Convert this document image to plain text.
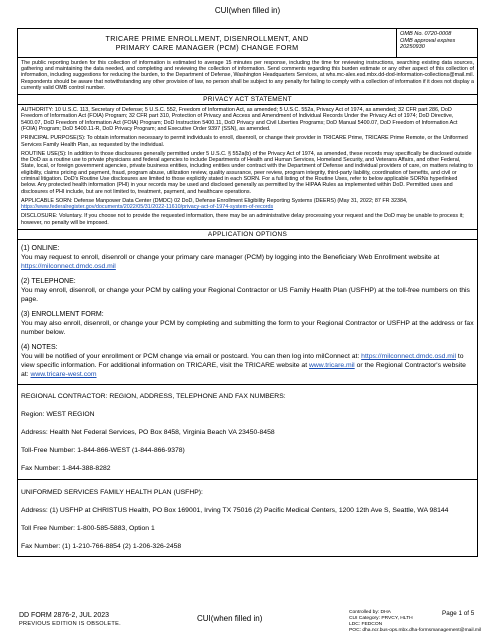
CUI(when filled in)
TRICARE PRIME ENROLLMENT, DISENROLLMENT, AND
PRIMARY CARE MANAGER (PCM) CHANGE FORM
OMB No. 0720-0008
OMB approval expires
20250930
The public reporting burden for this collection of information is estimated to average 15 minutes per response, including the time for reviewing instructions, searching existing data sources, gathering and maintaining the data needed, and completing and reviewing the collection of information. Send comments regarding this burden estimate or any other aspect of this collection of information, including suggestions for reducing the burden, to the Department of Defense, Washington Headquarters Services, at whs.mc-alex.esd.mbx.dd-dod-information-collections@mail.mil. Respondents should be aware that notwithstanding any other provision of law, no person shall be subject to any penalty for failing to comply with a collection of information if it does not display a currently valid OMB control number.
PRIVACY ACT STATEMENT

AUTHORITY: 10 U.S.C. 113, Secretary of Defense; 5 U.S.C. 552, Freedom of Information Act, as amended; 5 U.S.C. 552a, Privacy Act of 1974, as amended; 32 CFR part 286, DoD Freedom of Information Act (FOIA) Program; 32 CFR part 310, Protection of Privacy and Access and Amendment of Individual Records Under the Privacy Act of 1974; DoD Directive, 5400.07, DoD Freedom of Information Act (FOIA) Program; DoD Instruction 5400.11, DoD Privacy and Civil Liberties Programs; DoD Manual 5400.07, DoD Freedom of Information Act (FOIA) Program; DoD 5400.11-R, DoD Privacy Program; and Executive Order 9397 (SSN), as amended.

PRINCIPAL PURPOSE(S): To obtain information necessary to permit individuals to enroll, disenroll, or change their provider in TRICARE Prime, TRICARE Prime Remote, or the Uniformed Services Family Health Plan, as requested by the individual.

ROUTINE USE(S): In addition to those disclosures generally permitted under 5 U.S.C. § 552a(b) of the Privacy Act of 1974, as amended, these records may specifically be disclosed outside the DoD as a routine use to private physicians and federal agencies to include Departments of Health and Human Services, Homeland Security, and Veterans Affairs, and other Federal, State, local, or foreign government agencies, private business entities, including entities under contract with the Department of Defense and individual providers of care, on matters relating to eligibility, claims pricing and payment, fraud, program abuse, utilization review, quality assurance, peer review, program integrity, third-party liability, coordination of benefits, and civil or criminal litigation. DoD's Routine Use disclosures are limited to those explicitly stated in each SORN. For a full listing of the Routine Uses, refer to below applicable SORNs hyperlinked below. Any protected health information (PHI) in your records may be used and disclosed generally as permitted by the HIPAA Rules as implemented within DoD. Permitted uses and disclosures of PHI include, but are not limited to, treatment, payment, and healthcare operations.

APPLICABLE SORN: Defense Manpower Data Center (DMDC) 02 DoD, Defense Enrollment Eligibility Reporting Systems (DEERS) (May 31, 2022; 87 FR 32384, https://www.federalregister.gov/documents/2022/05/31/2022-11610/privacy-act-of-1974-system-of-records

DISCLOSURE: Voluntary. If you choose not to provide the requested information, there may be an administrative delay processing your request and the DoD may be unable to process it; however, no penalty will be imposed.

APPLICATION OPTIONS
(1) ONLINE:
You may request to enroll, disenroll or change your primary care manager (PCM) by logging into the Beneficiary Web Enrollment website at https://milconnect.dmdc.osd.mil
(2) TELEPHONE:
You may enroll, disenroll, or change your PCM by calling your Regional Contractor or US Family Health Plan (USFHP) at the toll-free numbers on this page.
(3) ENROLLMENT FORM:
You may also enroll, disenroll, or change your PCM by completing and submitting the form to your Regional Contractor or USFHP at the address or fax number below.
(4) NOTES:
You will be notified of your enrollment or PCM change via email or postcard. You can then log into milConnect at: https://milconnect.dmdc.osd.mil to view specific information. For additional information on TRICARE, visit the TRICARE website at www.tricare.mil or the Regional Contractor's website at: www.tricare-west.com
REGIONAL CONTRACTOR: REGION, ADDRESS, TELEPHONE AND FAX NUMBERS:
Region: WEST REGION
Address: Health Net Federal Services, PO Box 8458, Virginia Beach VA 23450-8458
Toll-Free Number: 1-844-866-WEST (1-844-866-9378)
Fax Number: 1-844-388-8282
UNIFORMED SERVICES FAMILY HEALTH PLAN (USFHP):
Address: (1) USFHP at CHRISTUS Health, PO Box 169001, Irving TX 75016 (2) Pacific Medical Centers, 1200 12th Ave S, Seattle, WA 98144
Toll Free Number: 1-800-585-5883, Option 1
Fax Number: (1) 1-210-766-8854 (2) 1-206-326-2458
DD FORM 2876-2, JUL 2023
PREVIOUS EDITION IS OBSOLETE.
CUI(when filled in)
Controlled by: DHA
CUI Category: PRVCY, HLTH
LDC: FEDCON
POC: dha.ncr.bus-ops.mbx.dha-formsmanagement@mail.mil
Page 1 of 5
